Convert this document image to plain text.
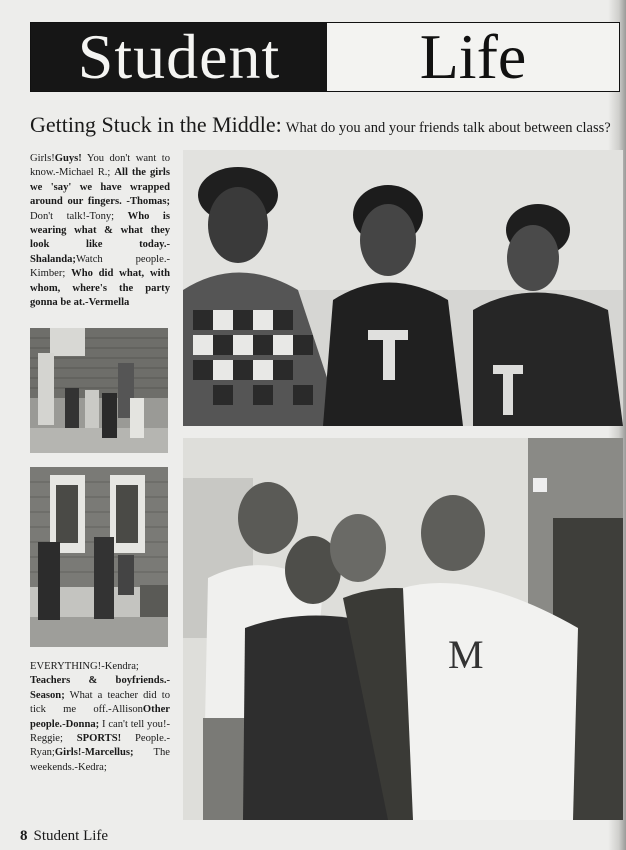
Student	Life
Getting Stuck in the Middle: What do you and your friends talk about between class?
Girls!Guys! You don't want to know.-Michael R.; All the girls we 'say' we have wrapped around our fingers. -Thomas; Don't talk!-Tony; Who is wearing what & what they look like today.-Shalanda;Watch people.-Kimber; Who did what, with whom, where's the party gonna be at.-Vermella
M
EVERYTHING!-Kendra; Teachers & boyfriends.-Season; What a teacher did to tick me off.-AllisonOther people.-Donna; I can't tell you!-Reggie; SPORTS! People.-Ryan;Girls!-Marcellus; The weekends.-Kedra;
8 Student Life
